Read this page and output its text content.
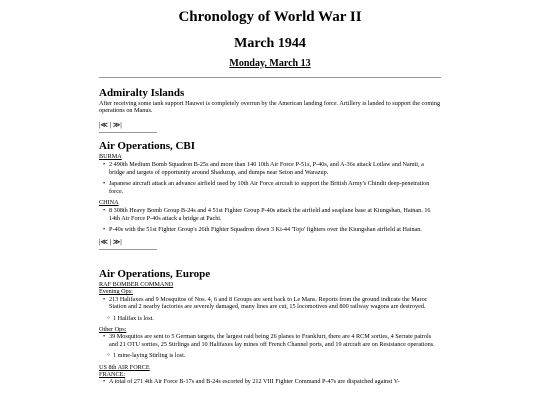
Chronology of World War II
March 1944
Monday, March 13
Admiralty Islands

After receiving some tank support Hauwei is completely overrun by the American landing force. Artillery is landed to support the coming operations on Manus.

|≪ | ≫|
Air Operations, CBI

BURMA

• 2 490th Medium Bomb Squadron B-25s and more than 140 10th Air Force P-51s, P-40s, and A-36s attack Loilaw and Namti, a bridge and targets of opportunity around Shaduzup, and dumps near Seton and Warazup.
• Japanese aircraft attack an advance airfield used by 10th Air Force aircraft to support the British Army's Chindit deep-penetration force.

CHINA

• 8 308th Heavy Bomb Group B-24s and 4 51st Fighter Group P-40s attack the airfield and seaplane base at Kiungshan, Hainan. 16 14th Air Force P-40s attack a bridge at Pachi.
• P-40s with the 51st Fighter Group's 26th Fighter Squadron down 3 Ki-44 'Tojo' fighters over the Kiungshan airfield at Hainan.
|≪ | ≫|
Air Operations, Europe

RAF BOMBER COMMAND

Evening Ops:

• 213 Halifaxes and 9 Mosquitos of Nos. 4, 6 and 8 Groups are sent back to Le Mans. Reports from the ground indicate the Maroc Station and 2 nearby factories are severely damaged, many lines are cut, 15 locomotives and 800 railway wagons are destroyed.
○ 1 Halifax is lost.

Other Ops:

• 39 Mosquitos are sent to 5 German targets, the largest raid being 26 planes to Frankfurt, there are 4 RCM sorties, 4 Serrate patrols and 21 OTU sorties, 25 Stirlings and 10 Halifaxes lay mines off French Channel ports, and 19 aircraft are on Resistance operations.
○ 1 mine-laying Stirling is lost.

US 8th AIR FORCE

FRANCE:

• A total of 271 4th Air Force B-17s and B-24s escorted by 212 VIII Fighter Command P-47s are dispatched against V-
